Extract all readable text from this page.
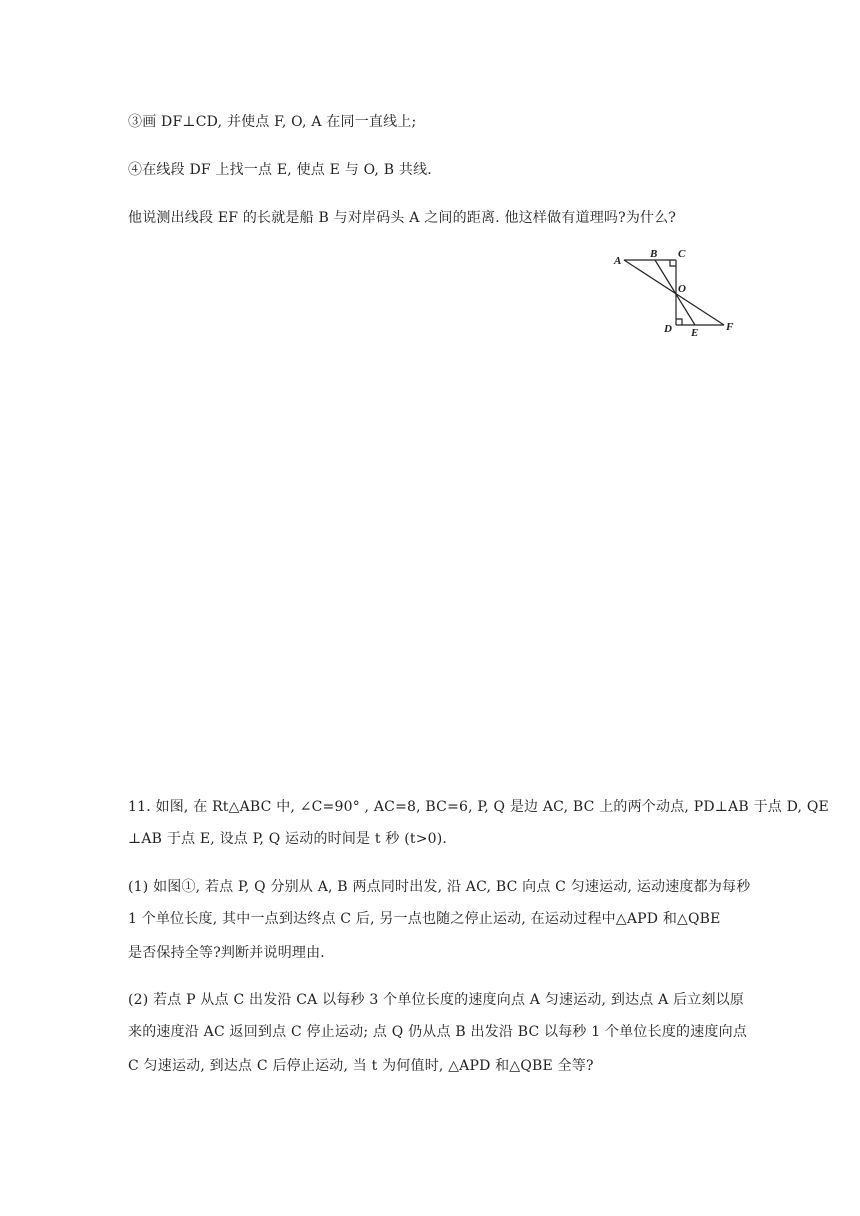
③画 DF⊥CD, 并使点 F, O, A 在同一直线上;
④在线段 DF 上找一点 E, 使点 E 与 O, B 共线.
他说测出线段 EF 的长就是船 B 与对岸码头 A 之间的距离. 他这样做有道理吗?为什么?
A
B C
O
D E	F
11. 如图, 在 Rt△ABC 中, ∠C=90° , AC=8, BC=6, P, Q 是边 AC, BC 上的两个动点, PD⊥AB 于点 D, QE
⊥AB 于点 E, 设点 P, Q 运动的时间是 t 秒 (t>0).
(1) 如图①, 若点 P, Q 分别从 A, B 两点同时出发, 沿 AC, BC 向点 C 匀速运动, 运动速度都为每秒
1 个单位长度, 其中一点到达终点 C 后, 另一点也随之停止运动, 在运动过程中△APD 和△QBE
是否保持全等?判断并说明理由.
(2) 若点 P 从点 C 出发沿 CA 以每秒 3 个单位长度的速度向点 A 匀速运动, 到达点 A 后立刻以原
来的速度沿 AC 返回到点 C 停止运动; 点 Q 仍从点 B 出发沿 BC 以每秒 1 个单位长度的速度向点
C 匀速运动, 到达点 C 后停止运动, 当 t 为何值时, △APD 和△QBE 全等?
